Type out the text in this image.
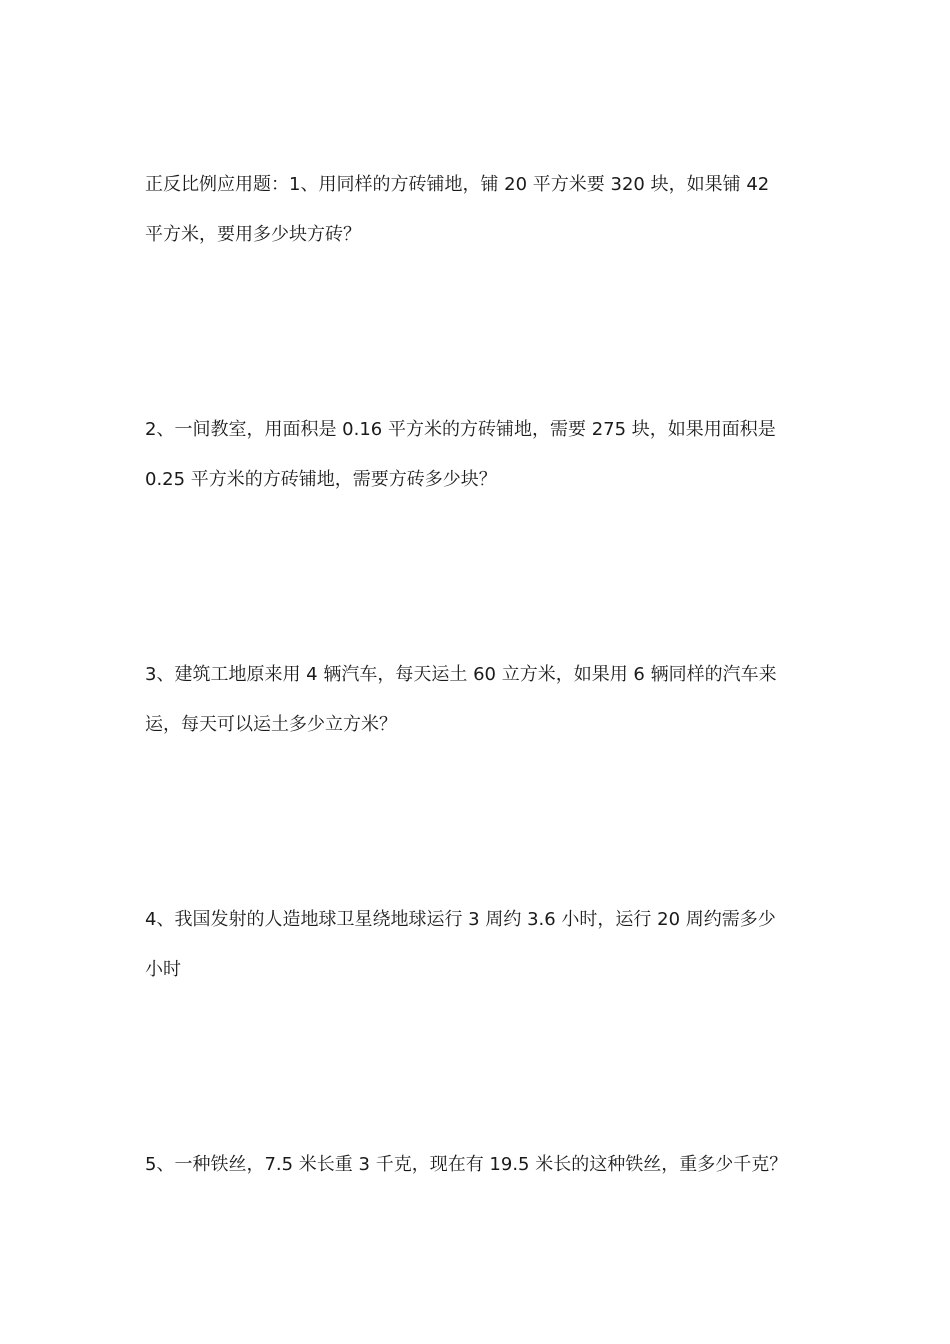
正反比例应用题：1、用同样的方砖铺地，铺 20 平方米要 320 块，如果铺 42
平方米，要用多少块方砖？

2、一间教室，用面积是 0.16 平方米的方砖铺地，需要 275 块，如果用面积是
0.25 平方米的方砖铺地，需要方砖多少块？

3、建筑工地原来用 4 辆汽车，每天运土 60 立方米，如果用 6 辆同样的汽车来
运，每天可以运土多少立方米？

4、我国发射的人造地球卫星绕地球运行 3 周约 3.6 小时，运行 20 周约需多少
小时

5、一种铁丝，7.5 米长重 3 千克，现在有 19.5 米长的这种铁丝，重多少千克？
